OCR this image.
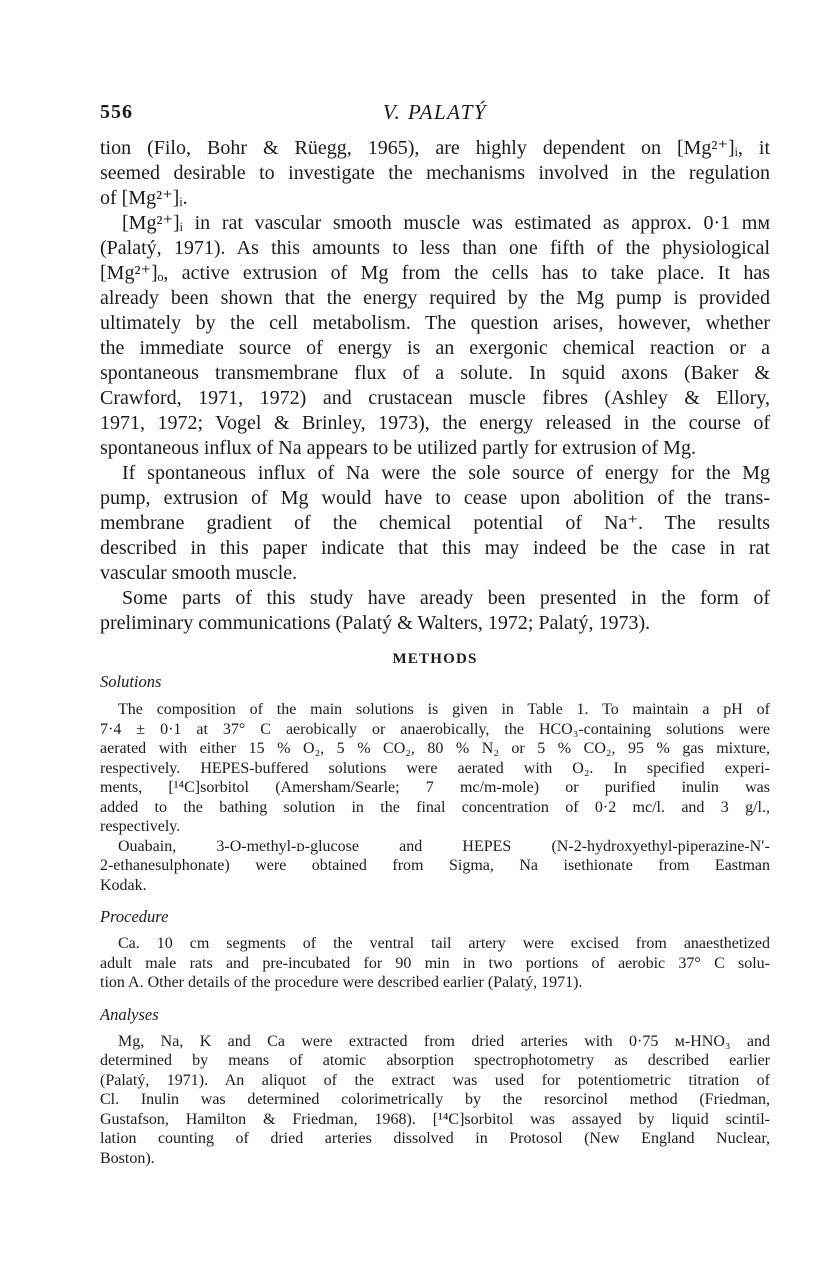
556	V. PALATÝ
tion (Filo, Bohr & Rüegg, 1965), are highly dependent on [Mg²⁺]ᵢ, it
seemed desirable to investigate the mechanisms involved in the regulation
of [Mg²⁺]ᵢ.
[Mg²⁺]ᵢ in rat vascular smooth muscle was estimated as approx. 0·1 mᴍ
(Palatý, 1971). As this amounts to less than one fifth of the physiological
[Mg²⁺]ₒ, active extrusion of Mg from the cells has to take place. It has
already been shown that the energy required by the Mg pump is provided
ultimately by the cell metabolism. The question arises, however, whether
the immediate source of energy is an exergonic chemical reaction or a
spontaneous transmembrane flux of a solute. In squid axons (Baker &
Crawford, 1971, 1972) and crustacean muscle fibres (Ashley & Ellory,
1971, 1972; Vogel & Brinley, 1973), the energy released in the course of
spontaneous influx of Na appears to be utilized partly for extrusion of Mg.
If spontaneous influx of Na were the sole source of energy for the Mg
pump, extrusion of Mg would have to cease upon abolition of the trans-
membrane gradient of the chemical potential of Na⁺. The results
described in this paper indicate that this may indeed be the case in rat
vascular smooth muscle.
Some parts of this study have aready been presented in the form of
preliminary communications (Palatý & Walters, 1972; Palatý, 1973).
METHODS
Solutions
The composition of the main solutions is given in Table 1. To maintain a pH of
7·4 ± 0·1 at 37° C aerobically or anaerobically, the HCO₃-containing solutions were
aerated with either 15 % O₂, 5 % CO₂, 80 % N₂ or 5 % CO₂, 95 % gas mixture,
respectively. HEPES-buffered solutions were aerated with O₂. In specified experi-
ments, [¹⁴C]sorbitol (Amersham/Searle; 7 mc/m-mole) or purified inulin was
added to the bathing solution in the final concentration of 0·2 mc/l. and 3 g/l.,
respectively.
Ouabain, 3-O-methyl-ᴅ-glucose and HEPES (N-2-hydroxyethyl-piperazine-N′-
2-ethanesulphonate) were obtained from Sigma, Na isethionate from Eastman
Kodak.
Procedure
Ca. 10 cm segments of the ventral tail artery were excised from anaesthetized
adult male rats and pre-incubated for 90 min in two portions of aerobic 37° C solu-
tion A. Other details of the procedure were described earlier (Palatý, 1971).
Analyses
Mg, Na, K and Ca were extracted from dried arteries with 0·75 ᴍ-HNO₃ and
determined by means of atomic absorption spectrophotometry as described earlier
(Palatý, 1971). An aliquot of the extract was used for potentiometric titration of
Cl. Inulin was determined colorimetrically by the resorcinol method (Friedman,
Gustafson, Hamilton & Friedman, 1968). [¹⁴C]sorbitol was assayed by liquid scintil-
lation counting of dried arteries dissolved in Protosol (New England Nuclear,
Boston).
